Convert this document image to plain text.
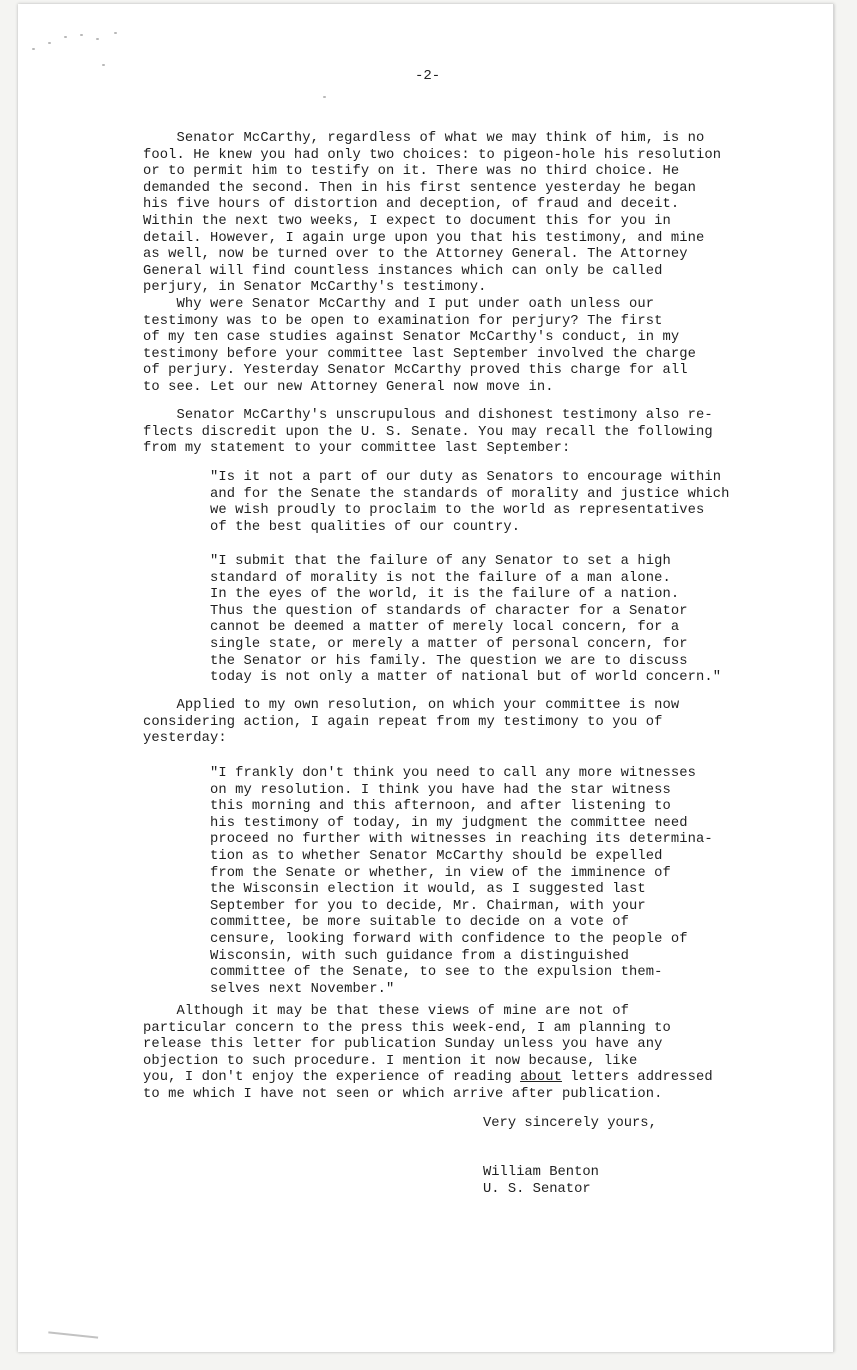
-2-
Senator McCarthy, regardless of what we may think of him, is no
fool. He knew you had only two choices: to pigeon-hole his resolution
or to permit him to testify on it. There was no third choice. He
demanded the second. Then in his first sentence yesterday he began
his five hours of distortion and deception, of fraud and deceit.
Within the next two weeks, I expect to document this for you in
detail. However, I again urge upon you that his testimony, and mine
as well, now be turned over to the Attorney General. The Attorney
General will find countless instances which can only be called
perjury, in Senator McCarthy's testimony.
Why were Senator McCarthy and I put under oath unless our
testimony was to be open to examination for perjury? The first
of my ten case studies against Senator McCarthy's conduct, in my
testimony before your committee last September involved the charge
of perjury. Yesterday Senator McCarthy proved this charge for all
to see. Let our new Attorney General now move in.
Senator McCarthy's unscrupulous and dishonest testimony also re-
flects discredit upon the U. S. Senate. You may recall the following
from my statement to your committee last September:
"Is it not a part of our duty as Senators to encourage within
and for the Senate the standards of morality and justice which
we wish proudly to proclaim to the world as representatives
of the best qualities of our country.
"I submit that the failure of any Senator to set a high
standard of morality is not the failure of a man alone.
In the eyes of the world, it is the failure of a nation.
Thus the question of standards of character for a Senator
cannot be deemed a matter of merely local concern, for a
single state, or merely a matter of personal concern, for
the Senator or his family. The question we are to discuss
today is not only a matter of national but of world concern."
Applied to my own resolution, on which your committee is now
considering action, I again repeat from my testimony to you of
yesterday:
"I frankly don't think you need to call any more witnesses
on my resolution. I think you have had the star witness
this morning and this afternoon, and after listening to
his testimony of today, in my judgment the committee need
proceed no further with witnesses in reaching its determina-
tion as to whether Senator McCarthy should be expelled
from the Senate or whether, in view of the imminence of
the Wisconsin election it would, as I suggested last
September for you to decide, Mr. Chairman, with your
committee, be more suitable to decide on a vote of
censure, looking forward with confidence to the people of
Wisconsin, with such guidance from a distinguished
committee of the Senate, to see to the expulsion them-
selves next November."
Although it may be that these views of mine are not of
particular concern to the press this week-end, I am planning to
release this letter for publication Sunday unless you have any
objection to such procedure. I mention it now because, like
you, I don't enjoy the experience of reading about letters addressed
to me which I have not seen or which arrive after publication.
Very sincerely yours,
William Benton
U. S. Senator
